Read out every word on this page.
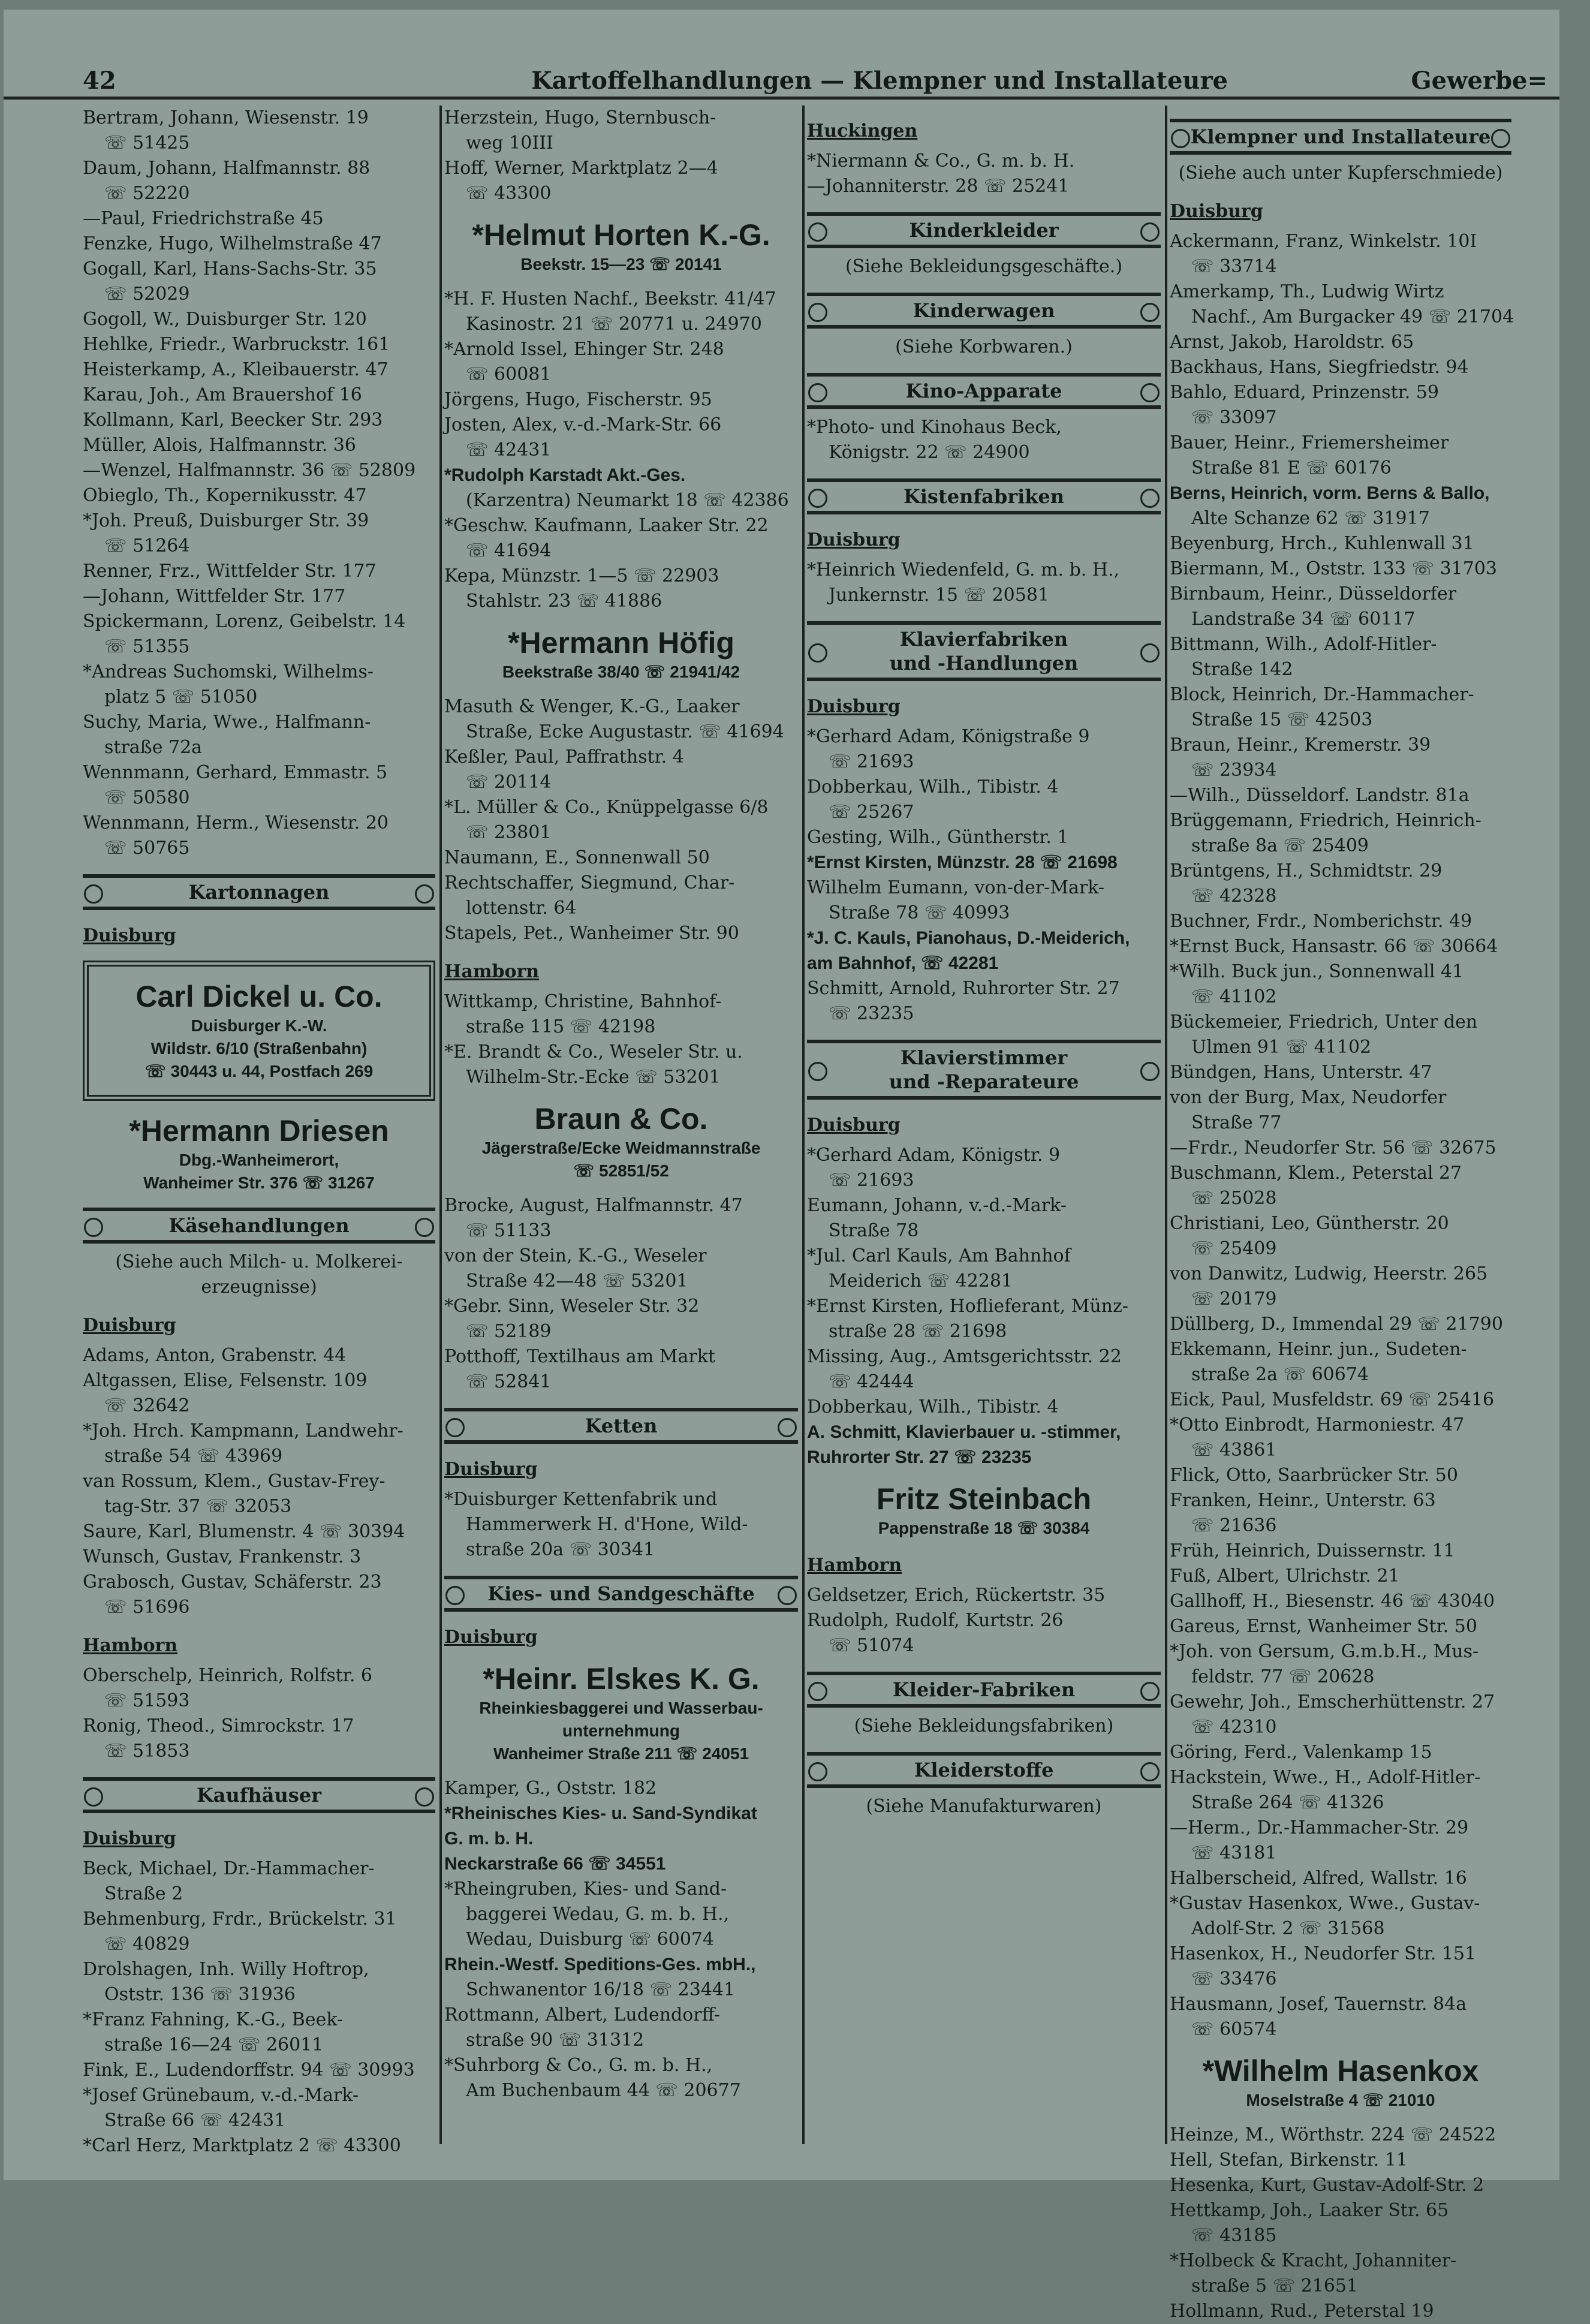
42	Kartoffelhandlungen — Klempner und Installateure	Gewerbe=
Bertram, Johann, Wiesenstr. 19
☏ 51425
Daum, Johann, Halfmannstr. 88
☏ 52220
—Paul, Friedrichstraße 45
Fenzke, Hugo, Wilhelmstraße 47
Gogall, Karl, Hans-Sachs-Str. 35
☏ 52029
Gogoll, W., Duisburger Str. 120
Hehlke, Friedr., Warbruckstr. 161
Heisterkamp, A., Kleibauerstr. 47
Karau, Joh., Am Brauershof 16
Kollmann, Karl, Beecker Str. 293
Müller, Alois, Halfmannstr. 36
—Wenzel, Halfmannstr. 36 ☏ 52809
Obieglo, Th., Kopernikusstr. 47
*Joh. Preuß, Duisburger Str. 39
☏ 51264
Renner, Frz., Wittfelder Str. 177
—Johann, Wittfelder Str. 177
Spickermann, Lorenz, Geibelstr. 14
☏ 51355
*Andreas Suchomski, Wilhelms-
platz 5 ☏ 51050
Suchy, Maria, Wwe., Halfmann-
straße 72a
Wennmann, Gerhard, Emmastr. 5
☏ 50580
Wennmann, Herm., Wiesenstr. 20
☏ 50765
Kartonnagen
Duisburg
Carl Dickel u. Co.
Duisburger K.-W.
Wildstr. 6/10 (Straßenbahn)
☏ 30443 u. 44, Postfach 269
*Hermann Driesen
Dbg.-Wanheimerort,
Wanheimer Str. 376 ☏ 31267
Käsehandlungen
(Siehe auch Milch- u. Molkerei-erzeugnisse)
Duisburg
Adams, Anton, Grabenstr. 44
Altgassen, Elise, Felsenstr. 109
☏ 32642
*Joh. Hrch. Kampmann, Landwehr-
straße 54 ☏ 43969
van Rossum, Klem., Gustav-Frey-
tag-Str. 37 ☏ 32053
Saure, Karl, Blumenstr. 4 ☏ 30394
Wunsch, Gustav, Frankenstr. 3
Grabosch, Gustav, Schäferstr. 23
☏ 51696
Hamborn
Oberschelp, Heinrich, Rolfstr. 6
☏ 51593
Ronig, Theod., Simrockstr. 17
☏ 51853
Kaufhäuser
Duisburg
Beck, Michael, Dr.-Hammacher-
Straße 2
Behmenburg, Frdr., Brückelstr. 31
☏ 40829
Drolshagen, Inh. Willy Hoftrop,
Oststr. 136 ☏ 31936
*Franz Fahning, K.-G., Beek-
straße 16—24 ☏ 26011
Fink, E., Ludendorffstr. 94 ☏ 30993
*Josef Grünebaum, v.-d.-Mark-
Straße 66 ☏ 42431
*Carl Herz, Marktplatz 2 ☏ 43300
Herzstein, Hugo, Sternbusch-
weg 10III
Hoff, Werner, Marktplatz 2—4
☏ 43300
*Helmut Horten K.-G.
Beekstr. 15—23 ☏ 20141
*H. F. Husten Nachf., Beekstr. 41/47
Kasinostr. 21 ☏ 20771 u. 24970
*Arnold Issel, Ehinger Str. 248
☏ 60081
Jörgens, Hugo, Fischerstr. 95
Josten, Alex, v.-d.-Mark-Str. 66
☏ 42431
*Rudolph Karstadt Akt.-Ges.
(Karzentra) Neumarkt 18 ☏ 42386
*Geschw. Kaufmann, Laaker Str. 22
☏ 41694
Kepa, Münzstr. 1—5 ☏ 22903
Stahlstr. 23 ☏ 41886
*Hermann Höfig
Beekstraße 38/40 ☏ 21941/42
Masuth & Wenger, K.-G., Laaker
Straße, Ecke Augustastr. ☏ 41694
Keßler, Paul, Paffrathstr. 4
☏ 20114
*L. Müller & Co., Knüppelgasse 6/8
☏ 23801
Naumann, E., Sonnenwall 50
Rechtschaffer, Siegmund, Char-
lottenstr. 64
Stapels, Pet., Wanheimer Str. 90
Hamborn
Wittkamp, Christine, Bahnhof-
straße 115 ☏ 42198
*E. Brandt & Co., Weseler Str. u.
Wilhelm-Str.-Ecke ☏ 53201
Braun & Co.
Jägerstraße/Ecke Weidmannstraße
☏ 52851/52
Brocke, August, Halfmannstr. 47
☏ 51133
von der Stein, K.-G., Weseler
Straße 42—48 ☏ 53201
*Gebr. Sinn, Weseler Str. 32
☏ 52189
Potthoff, Textilhaus am Markt
☏ 52841
Ketten
Duisburg
*Duisburger Kettenfabrik und
Hammerwerk H. d'Hone, Wild-
straße 20a ☏ 30341
Kies- und Sandgeschäfte
Duisburg
*Heinr. Elskes K. G.
Rheinkiesbaggerei und Wasserbau-
unternehmung
Wanheimer Straße 211 ☏ 24051
Kamper, G., Oststr. 182
*Rheinisches Kies- u. Sand-Syndikat
G. m. b. H.
Neckarstraße 66 ☏ 34551
*Rheingruben, Kies- und Sand-
baggerei Wedau, G. m. b. H.,
Wedau, Duisburg ☏ 60074
Rhein.-Westf. Speditions-Ges. mbH.,
Schwanentor 16/18 ☏ 23441
Rottmann, Albert, Ludendorff-
straße 90 ☏ 31312
*Suhrborg & Co., G. m. b. H.,
Am Buchenbaum 44 ☏ 20677
Huckingen
*Niermann & Co., G. m. b. H.
—Johanniterstr. 28 ☏ 25241
Kinderkleider
(Siehe Bekleidungsgeschäfte.)
Kinderwagen
(Siehe Korbwaren.)
Kino-Apparate
*Photo- und Kinohaus Beck,
Königstr. 22 ☏ 24900
Kistenfabriken
Duisburg
*Heinrich Wiedenfeld, G. m. b. H.,
Junkernstr. 15 ☏ 20581
Klavierfabriken
und -Handlungen
Duisburg
*Gerhard Adam, Königstraße 9
☏ 21693
Dobberkau, Wilh., Tibistr. 4
☏ 25267
Gesting, Wilh., Güntherstr. 1
*Ernst Kirsten, Münzstr. 28 ☏ 21698
Wilhelm Eumann, von-der-Mark-
Straße 78 ☏ 40993
*J. C. Kauls, Pianohaus, D.-Meiderich,
am Bahnhof, ☏ 42281
Schmitt, Arnold, Ruhrorter Str. 27
☏ 23235
Klavierstimmer
und -Reparateure
Duisburg
*Gerhard Adam, Königstr. 9
☏ 21693
Eumann, Johann, v.-d.-Mark-
Straße 78
*Jul. Carl Kauls, Am Bahnhof
Meiderich ☏ 42281
*Ernst Kirsten, Hoflieferant, Münz-
straße 28 ☏ 21698
Missing, Aug., Amtsgerichtsstr. 22
☏ 42444
Dobberkau, Wilh., Tibistr. 4
A. Schmitt, Klavierbauer u. -stimmer,
Ruhrorter Str. 27 ☏ 23235
Fritz Steinbach
Pappenstraße 18 ☏ 30384
Hamborn
Geldsetzer, Erich, Rückertstr. 35
Rudolph, Rudolf, Kurtstr. 26
☏ 51074
Kleider-Fabriken
(Siehe Bekleidungsfabriken)
Kleiderstoffe
(Siehe Manufakturwaren)
Klempner und Installateure
(Siehe auch unter Kupferschmiede)
Duisburg
Ackermann, Franz, Winkelstr. 10I
☏ 33714
Amerkamp, Th., Ludwig Wirtz
Nachf., Am Burgacker 49 ☏ 21704
Arnst, Jakob, Haroldstr. 65
Backhaus, Hans, Siegfriedstr. 94
Bahlo, Eduard, Prinzenstr. 59
☏ 33097
Bauer, Heinr., Friemersheimer
Straße 81 E ☏ 60176
Berns, Heinrich, vorm. Berns & Ballo,
Alte Schanze 62 ☏ 31917
Beyenburg, Hrch., Kuhlenwall 31
Biermann, M., Oststr. 133 ☏ 31703
Birnbaum, Heinr., Düsseldorfer
Landstraße 34 ☏ 60117
Bittmann, Wilh., Adolf-Hitler-
Straße 142
Block, Heinrich, Dr.-Hammacher-
Straße 15 ☏ 42503
Braun, Heinr., Kremerstr. 39
☏ 23934
—Wilh., Düsseldorf. Landstr. 81a
Brüggemann, Friedrich, Heinrich-
straße 8a ☏ 25409
Brüntgens, H., Schmidtstr. 29
☏ 42328
Buchner, Frdr., Nomberichstr. 49
*Ernst Buck, Hansastr. 66 ☏ 30664
*Wilh. Buck jun., Sonnenwall 41
☏ 41102
Bückemeier, Friedrich, Unter den
Ulmen 91 ☏ 41102
Bündgen, Hans, Unterstr. 47
von der Burg, Max, Neudorfer
Straße 77
—Frdr., Neudorfer Str. 56 ☏ 32675
Buschmann, Klem., Peterstal 27
☏ 25028
Christiani, Leo, Güntherstr. 20
☏ 25409
von Danwitz, Ludwig, Heerstr. 265
☏ 20179
Düllberg, D., Immendal 29 ☏ 21790
Ekkemann, Heinr. jun., Sudeten-
straße 2a ☏ 60674
Eick, Paul, Musfeldstr. 69 ☏ 25416
*Otto Einbrodt, Harmoniestr. 47
☏ 43861
Flick, Otto, Saarbrücker Str. 50
Franken, Heinr., Unterstr. 63
☏ 21636
Früh, Heinrich, Duissernstr. 11
Fuß, Albert, Ulrichstr. 21
Gallhoff, H., Biesenstr. 46 ☏ 43040
Gareus, Ernst, Wanheimer Str. 50
*Joh. von Gersum, G.m.b.H., Mus-
feldstr. 77 ☏ 20628
Gewehr, Joh., Emscherhüttenstr. 27
☏ 42310
Göring, Ferd., Valenkamp 15
Hackstein, Wwe., H., Adolf-Hitler-
Straße 264 ☏ 41326
—Herm., Dr.-Hammacher-Str. 29
☏ 43181
Halberscheid, Alfred, Wallstr. 16
*Gustav Hasenkox, Wwe., Gustav-
Adolf-Str. 2 ☏ 31568
Hasenkox, H., Neudorfer Str. 151
☏ 33476
Hausmann, Josef, Tauernstr. 84a
☏ 60574
*Wilhelm Hasenkox
Moselstraße 4 ☏ 21010
Heinze, M., Wörthstr. 224 ☏ 24522
Hell, Stefan, Birkenstr. 11
Hesenka, Kurt, Gustav-Adolf-Str. 2
Hettkamp, Joh., Laaker Str. 65
☏ 43185
*Holbeck & Kracht, Johanniter-
straße 5 ☏ 21651
Hollmann, Rud., Peterstal 19
